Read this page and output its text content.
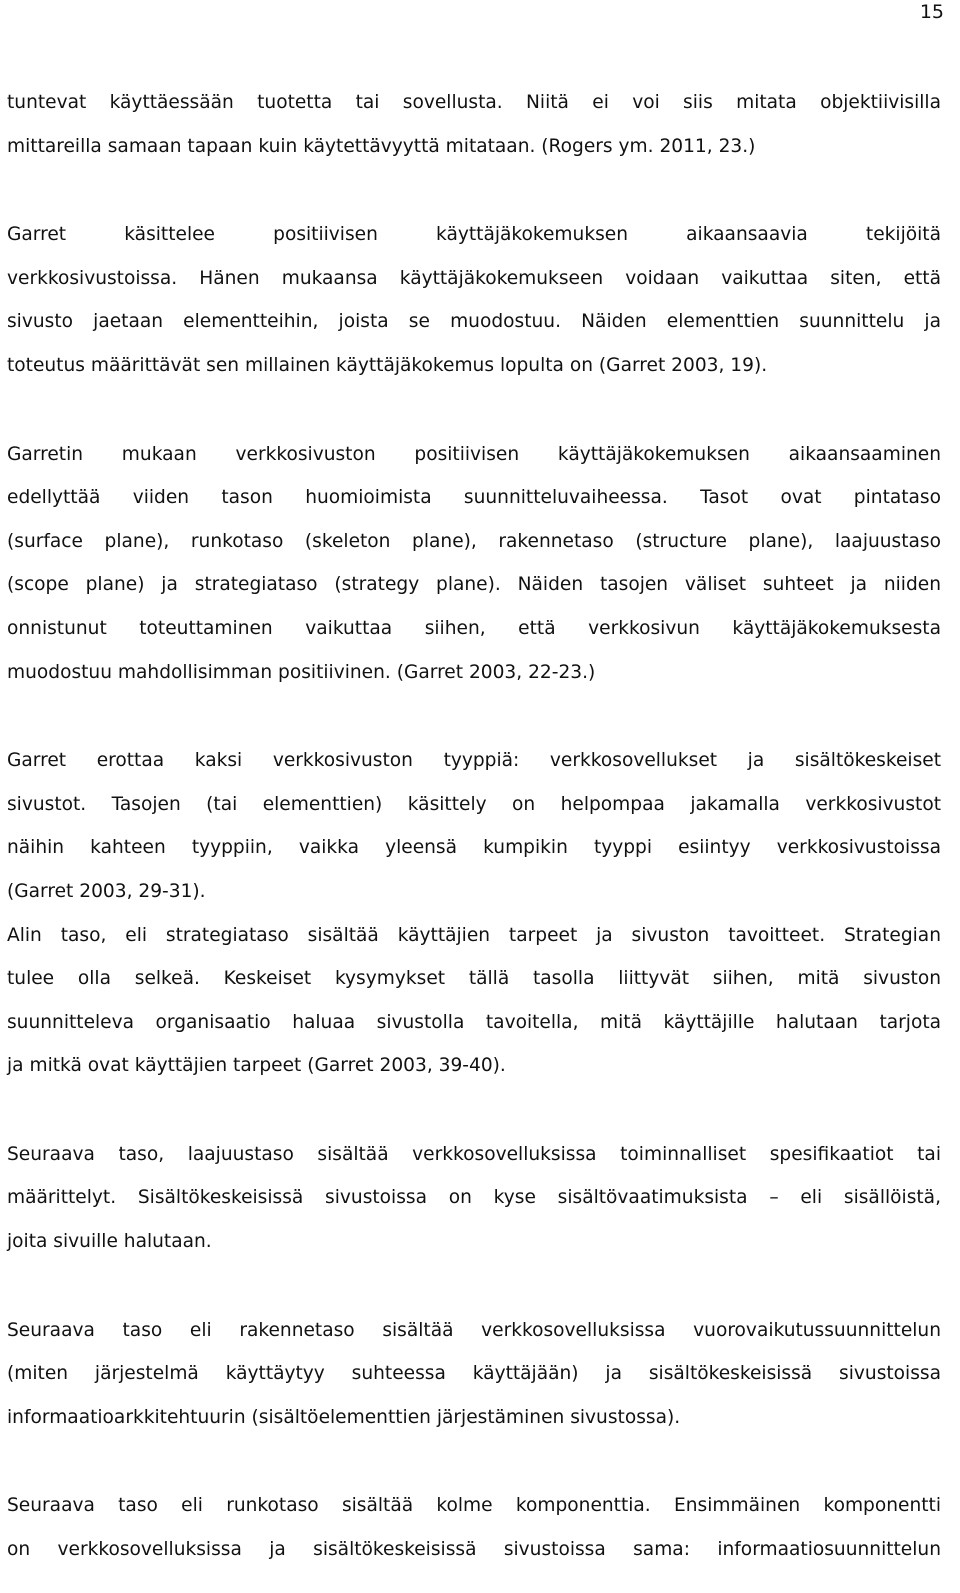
15
tuntevat käyttäessään tuotetta tai sovellusta. Niitä ei voi siis mitata objektiivisilla
mittareilla samaan tapaan kuin käytettävyyttä mitataan. (Rogers ym. 2011, 23.)
Garret käsittelee positiivisen käyttäjäkokemuksen aikaansaavia tekijöitä
verkkosivustoissa. Hänen mukaansa käyttäjäkokemukseen voidaan vaikuttaa siten, että
sivusto jaetaan elementteihin, joista se muodostuu. Näiden elementtien suunnittelu ja
toteutus määrittävät sen millainen käyttäjäkokemus lopulta on (Garret 2003, 19).
Garretin mukaan verkkosivuston positiivisen käyttäjäkokemuksen aikaansaaminen
edellyttää viiden tason huomioimista suunnitteluvaiheessa. Tasot ovat pintataso
(surface plane), runkotaso (skeleton plane), rakennetaso (structure plane), laajuustaso
(scope plane) ja strategiataso (strategy plane). Näiden tasojen väliset suhteet ja niiden
onnistunut toteuttaminen vaikuttaa siihen, että verkkosivun käyttäjäkokemuksesta
muodostuu mahdollisimman positiivinen. (Garret 2003, 22-23.)
Garret erottaa kaksi verkkosivuston tyyppiä: verkkosovellukset ja sisältökeskeiset
sivustot. Tasojen (tai elementtien) käsittely on helpompaa jakamalla verkkosivustot
näihin kahteen tyyppiin, vaikka yleensä kumpikin tyyppi esiintyy verkkosivustoissa
(Garret 2003, 29-31).
Alin taso, eli strategiataso sisältää käyttäjien tarpeet ja sivuston tavoitteet. Strategian
tulee olla selkeä. Keskeiset kysymykset tällä tasolla liittyvät siihen, mitä sivuston
suunnitteleva organisaatio haluaa sivustolla tavoitella, mitä käyttäjille halutaan tarjota
ja mitkä ovat käyttäjien tarpeet (Garret 2003, 39-40).
Seuraava taso, laajuustaso sisältää verkkosovelluksissa toiminnalliset spesifikaatiot tai
määrittelyt. Sisältökeskeisissä sivustoissa on kyse sisältövaatimuksista – eli sisällöistä,
joita sivuille halutaan.
Seuraava taso eli rakennetaso sisältää verkkosovelluksissa vuorovaikutussuunnittelun
(miten järjestelmä käyttäytyy suhteessa käyttäjään) ja sisältökeskeisissä sivustoissa
informaatioarkkitehtuurin (sisältöelementtien järjestäminen sivustossa).
Seuraava taso eli runkotaso sisältää kolme komponenttia. Ensimmäinen komponentti
on verkkosovelluksissa ja sisältökeskeisissä sivustoissa sama: informaatiosuunnittelun
